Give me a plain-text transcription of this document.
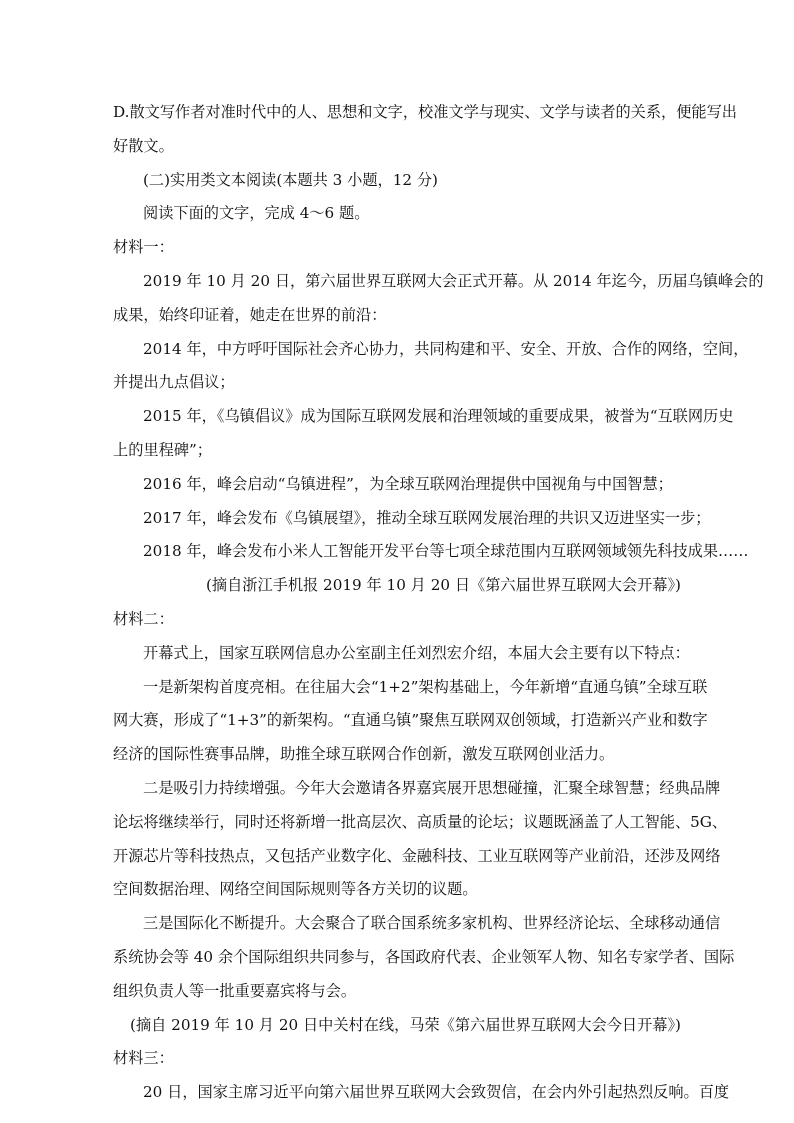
D.散文写作者对准时代中的人、思想和文字，校准文学与现实、文学与读者的关系，便能写出
好散文。
(二)实用类文本阅读(本题共 3 小题，12 分)
阅读下面的文字，完成 4～6 题。
材料一：
2019 年 10 月 20 日，第六届世界互联网大会正式开幕。从 2014 年迄今，历届乌镇峰会的
成果，始终印证着，她走在世界的前沿：
2014 年，中方呼吁国际社会齐心协力，共同构建和平、安全、开放、合作的网络，空间，
并提出九点倡议；
2015 年，《乌镇倡议》成为国际互联网发展和治理领域的重要成果，被誉为“互联网历史
上的里程碑”；
2016 年，峰会启动“乌镇进程”，为全球互联网治理提供中国视角与中国智慧；
2017 年，峰会发布《乌镇展望》，推动全球互联网发展治理的共识又迈进坚实一步；
2018 年，峰会发布小米人工智能开发平台等七项全球范围内互联网领域领先科技成果……
(摘自浙江手机报 2019 年 10 月 20 日《第六届世界互联网大会开幕》)
材料二：
开幕式上，国家互联网信息办公室副主任刘烈宏介绍，本届大会主要有以下特点：
一是新架构首度亮相。在往届大会“1+2”架构基础上，今年新增“直通乌镇”全球互联
网大赛，形成了“1+3”的新架构。“直通乌镇”聚焦互联网双创领域，打造新兴产业和数字
经济的国际性赛事品牌，助推全球互联网合作创新，激发互联网创业活力。
二是吸引力持续增强。今年大会邀请各界嘉宾展开思想碰撞，汇聚全球智慧；经典品牌
论坛将继续举行，同时还将新增一批高层次、高质量的论坛；议题既涵盖了人工智能、5G、
开源芯片等科技热点，又包括产业数字化、金融科技、工业互联网等产业前沿，还涉及网络
空间数据治理、网络空间国际规则等各方关切的议题。
三是国际化不断提升。大会聚合了联合国系统多家机构、世界经济论坛、全球移动通信
系统协会等 40 余个国际组织共同参与，各国政府代表、企业领军人物、知名专家学者、国际
组织负责人等一批重要嘉宾将与会。
(摘自 2019 年 10 月 20 日中关村在线，马荣《第六届世界互联网大会今日开幕》)
材料三：
20 日，国家主席习近平向第六届世界互联网大会致贺信，在会内外引起热烈反响。百度
